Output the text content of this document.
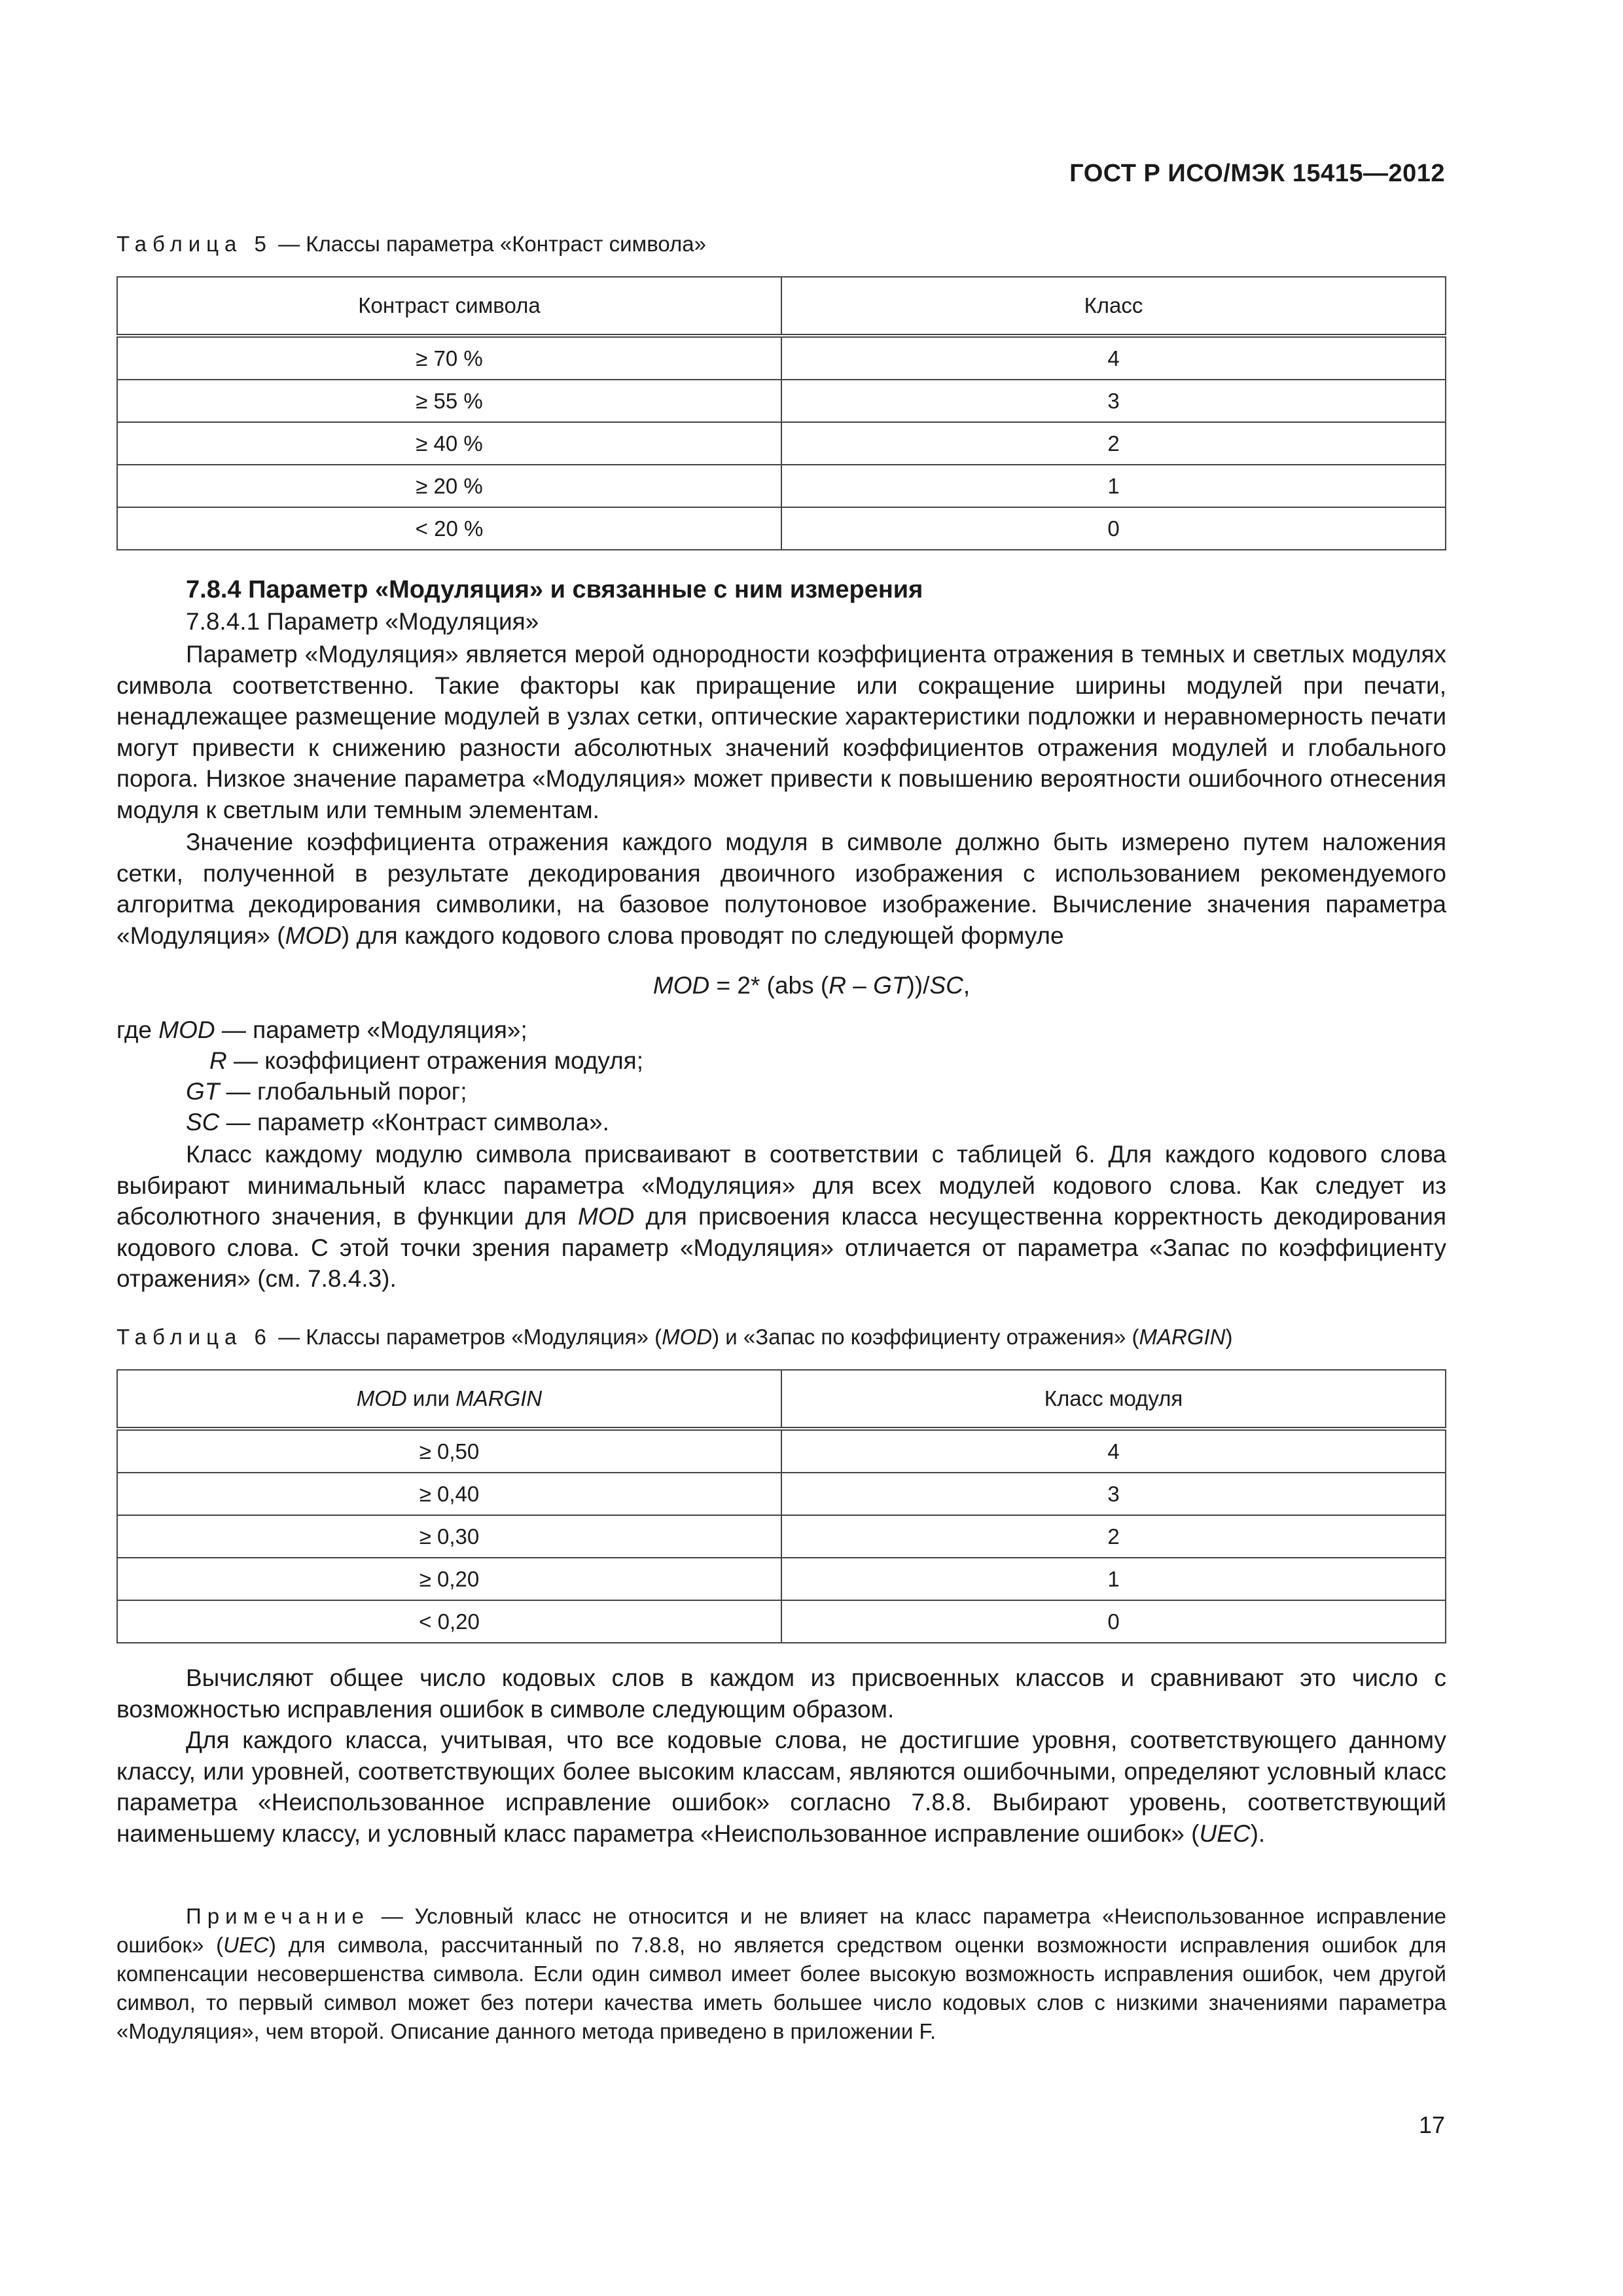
ГОСТ Р ИСО/МЭК 15415—2012
Таблица 5 — Классы параметра «Контраст символа»
Контраст символа	Класс
≥ 70 %	4
≥ 55 %	3
≥ 40 %	2
≥ 20 %	1
< 20 %	0
7.8.4 Параметр «Модуляция» и связанные с ним измерения
7.8.4.1 Параметр «Модуляция»
Параметр «Модуляция» является мерой однородности коэффициента отражения в темных и светлых модулях символа соответственно. Такие факторы как приращение или сокращение ширины модулей при печати, ненадлежащее размещение модулей в узлах сетки, оптические характеристики подложки и неравномерность печати могут привести к снижению разности абсолютных значений коэффициентов отражения модулей и глобального порога. Низкое значение параметра «Модуляция» может привести к повышению вероятности ошибочного отнесения модуля к светлым или темным элементам.
Значение коэффициента отражения каждого модуля в символе должно быть измерено путем наложения сетки, полученной в результате декодирования двоичного изображения с использованием рекомендуемого алгоритма декодирования символики, на базовое полутоновое изображение. Вычисление значения параметра «Модуляция» (MOD) для каждого кодового слова проводят по следующей формуле
MOD = 2* (abs (R – GT))/SC,
где MOD — параметр «Модуляция»;
R — коэффициент отражения модуля;
GT — глобальный порог;
SC — параметр «Контраст символа».
Класс каждому модулю символа присваивают в соответствии с таблицей 6. Для каждого кодового слова выбирают минимальный класс параметра «Модуляция» для всех модулей кодового слова. Как следует из абсолютного значения, в функции для MOD для присвоения класса несущественна корректность декодирования кодового слова. С этой точки зрения параметр «Модуляция» отличается от параметра «Запас по коэффициенту отражения» (см. 7.8.4.3).
Таблица 6 — Классы параметров «Модуляция» (MOD) и «Запас по коэффициенту отражения» (MARGIN)
MOD или MARGIN	Класс модуля
≥ 0,50	4
≥ 0,40	3
≥ 0,30	2
≥ 0,20	1
< 0,20	0
Вычисляют общее число кодовых слов в каждом из присвоенных классов и сравнивают это число с возможностью исправления ошибок в символе следующим образом.
Для каждого класса, учитывая, что все кодовые слова, не достигшие уровня, соответствующего данному классу, или уровней, соответствующих более высоким классам, являются ошибочными, определяют условный класс параметра «Неиспользованное исправление ошибок» согласно 7.8.8. Выбирают уровень, соответствующий наименьшему классу, и условный класс параметра «Неиспользованное исправление ошибок» (UEC).
Примечание — Условный класс не относится и не влияет на класс параметра «Неиспользованное исправление ошибок» (UEC) для символа, рассчитанный по 7.8.8, но является средством оценки возможности исправления ошибок для компенсации несовершенства символа. Если один символ имеет более высокую возможность исправления ошибок, чем другой символ, то первый символ может без потери качества иметь большее число кодовых слов с низкими значениями параметра «Модуляция», чем второй. Описание данного метода приведено в приложении F.
17
